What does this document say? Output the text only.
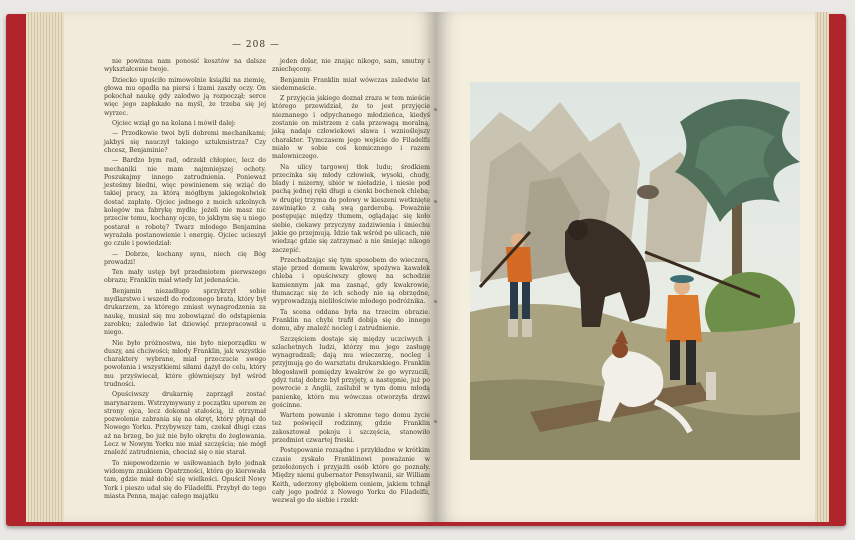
— 208 —

nie powinna nam ponosić kosztów na dalsze wykształcenie twoje.

Dziecko upuściło mimowolnie książki na ziemię, głowa mu opadła na piersi i łzami zaszły oczy. On pokochał naukę gdy zalodwo ją rozpoczął; serce więc jego zapłakało na myśl, że trzeba się jej wyrzec.

Ojciec wziął go na kolana i mówił dalej:

— Przodkowie twoi byli dobremi mechanikami; jakbyś się nauczył takiego sztukmistrza? Czy chcesz, Benjaminie?

— Bardzo bym rad, odrzekł chłopiec, lecz do mechaniki nie mam najmniejszej ochoty. Poszukajmy innego zatrudnienia. Ponieważ jesteśmy biedni, więc powinienem się wziąć do takiej pracy, za którą mógłbym jakiegokolwiek dostać zapłatę. Ojciec jednego z moich szkolnych kolegów ma fabrykę mydła; jeżeli nie masz nic przeciw temu, kochany ojcze, to jakbym się u niego postarał o robotę? Twarz młodego Benjamina wyrażała postanowienie i energię. Ojciec ucieszył go czule i powiedział:

— Dobrze, kochany synu, niech cię Bóg prowadzi!

Ten mały ustęp był przedmiotem pierwszego obrazu; Franklin miał wtedy lat jedenaście.

Benjamin niezadługo sprzykrzył sobie mydlarstwo i wszedł do rodzonego brata, który był drukarzem, za którego zmiast wynagrodzenia za naukę, musiał się mu zobowiązać do odstąpienia zarobku; zaledwie lat dziewięć przepracował u niego.

Nie było próżnostwa, nie było nieporządku w duszy, ani chciwości; młody Franklin, jak wszystkie charaktery wybrane, miał przeczucie swego powołania i wszystkiemi siłami dążył do celu, który mu przyświecał, które główniejszy był wśród trudności.

Opuściwszy drukarnię zaprzągł zostać marynarzem. Wstrzymywany z początku uporem ze strony ojca, lecz dokonał stałością, iż otrzymał pozwolenie zabrania się na okręt, który płynął do Nowego Yorku. Przybywszy tam, czekał długi czas aż na brzeg, bo już nie było okrętu do żeglowania. Lecz w Nowym Yorku nie miał szczęścia; nie mógł znaleźć zatrudnienia, chociaż się o nie starał.

To niepowodzenie w usiłowaniach było jednak widomym znakiem Opatrzności, która go kierowała tam, gdzie miał dobić się wielkości. Opuścił Nowy York i pieszo udał się do Filadelfii. Przybył do tego miasta Penna, mając całego majątku

jeden dolar, nie znając nikogo, sam, smutny i zniechęcony.

Benjamin Franklin miał wówczas zaledwie lat siedemnaście.

Z przyjęcia jakiego doznał zrazu w tem mieście którego przewidział, że to jest przyjęcie nieznanego i odpychanego młodzieńca, kiedyś zostanie on mistrzem z cała przewagą moralną, jaką nadaje człowiekowi sława i wznioślejszy charakter. Tymczasem jego wejście do Filadelfii miało w sobie coś komicznego i razem malowniczego.

Na ulicy targowej tłok ludu; środkiem przecinka się młody człowiek, wysoki, chudy, blady i mizerny, ubiór w nieładzie, i niesie pod pachą jednej ręki długi a cienki bochenek chleba; w drugiej trzyma do połowy w kieszeni wetknięte zawiniątko z całą swą garderobą. Poważnie postępując między tłumem, oglądając się koło siebie, ciekawy przyczyny zadziwienia i śmiechu jakie go przejmują. Idzie tak wśród po ulicach, nie wiedząc gdzie się zatrzymać a nie śmiejąc nikogo zaczepić.

Przechadzając się tym sposobem do wieczora, staje przed domem kwakrów, spożywa kawałek chleba i opuściwszy głowę na schodzie kamiennym jak ma zasnąć, gdy kwakrowie, tłumacząc się że ich schody nie są obrzędne, wyprowadzają nieliłościwie młodego podróżnika.

Ta scena oddana była na trzecim obrazie. Franklin na chybi trafił dobija się do innego domu, aby znaleźć nocleg i zatrudnienie.

Szczęściem dostaje się między uczciwych i szlachetnych ludzi, którzy mu jego zasługę wynagradzali; dają mu wieczerzę, nocleg i przyjmują go do warsztatu drukarskiego. Franklin błogosławił pomiędzy kwakrów że go wyrzucili, gdyż tutaj dobrze był przyjęty, a następnie, już po powrocie z Anglii, zaślubił w tym domu młodą panienkę, która mu wówczas otworzyła drzwi gościnne.

Wartem powanie i skromne tego domu życie też poświęcił rodzinny, gdzie Franklin zakosztował pokoju i szczęścia, stanowiło przedmiot czwartej freski.

Postępowanie rozsądne i przykładne w krótkim czasie zyskało Franklinowi poważanie w przełożonych i przyjaźń osób które go poznały. Między niemi gubernator Pensylwanii, sir William Keith, uderzony głębokiem ceniem, jakiem tchnął cały jego podróż z Nowego Yorku do Filadelfii, wezwał go do siebie i rzekł:
